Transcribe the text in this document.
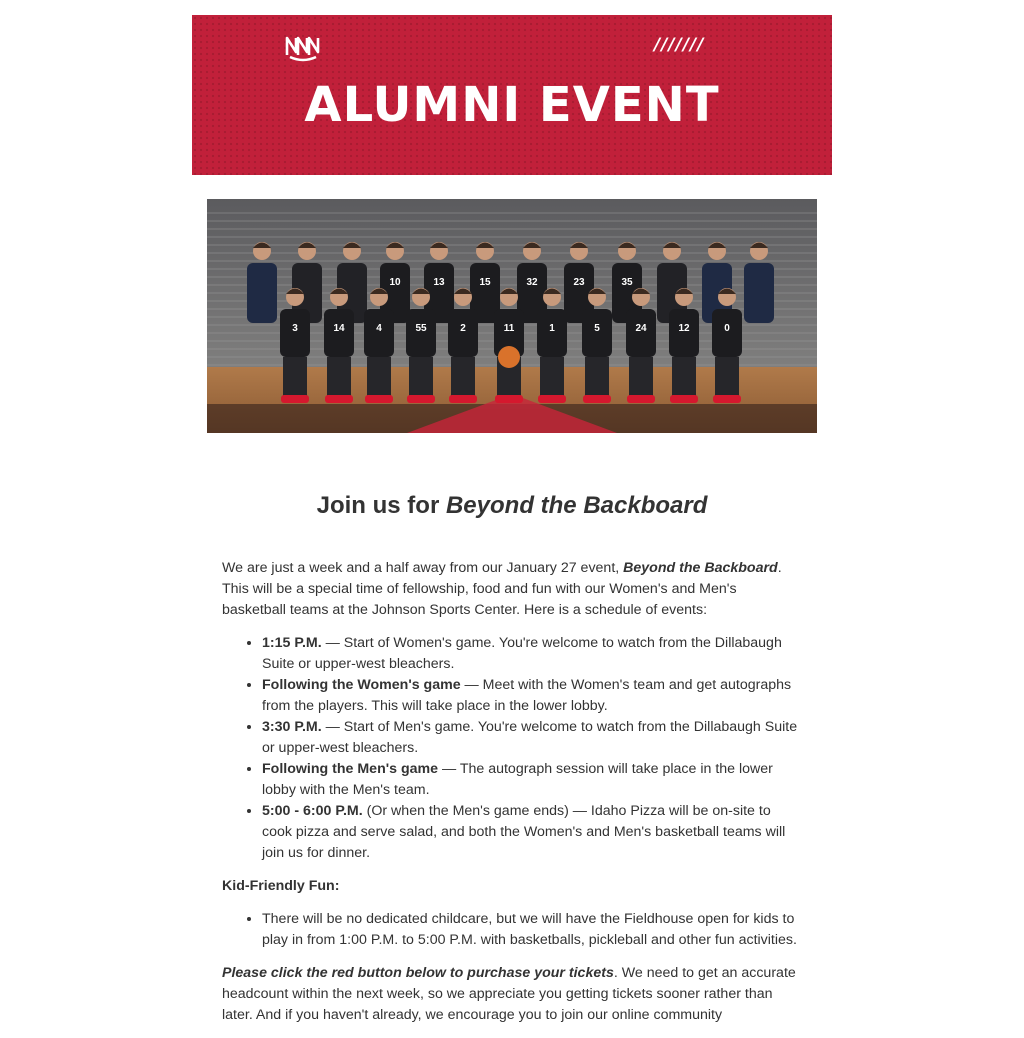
///////
ALUMNI EVENT
10	13	15	32	23	35
3	14	4	55	2	11	1	5	24	12	0
Join us for Beyond the Backboard

We are just a week and a half away from our January 27 event, Beyond the Backboard. This will be a special time of fellowship, food and fun with our Women's and Men's basketball teams at the Johnson Sports Center. Here is a schedule of events:

• 1:15 P.M. — Start of Women's game. You're welcome to watch from the Dillabaugh Suite or upper-west bleachers.
• Following the Women's game — Meet with the Women's team and get autographs from the players. This will take place in the lower lobby.
• 3:30 P.M. — Start of Men's game. You're welcome to watch from the Dillabaugh Suite or upper-west bleachers.
• Following the Men's game — The autograph session will take place in the lower lobby with the Men's team.
• 5:00 - 6:00 P.M. (Or when the Men's game ends) — Idaho Pizza will be on-site to cook pizza and serve salad, and both the Women's and Men's basketball teams will join us for dinner.

Kid-Friendly Fun:

• There will be no dedicated childcare, but we will have the Fieldhouse open for kids to play in from 1:00 P.M. to 5:00 P.M. with basketballs, pickleball and other fun activities.

Please click the red button below to purchase your tickets. We need to get an accurate headcount within the next week, so we appreciate you getting tickets sooner rather than later. And if you haven't already, we encourage you to join our online community
